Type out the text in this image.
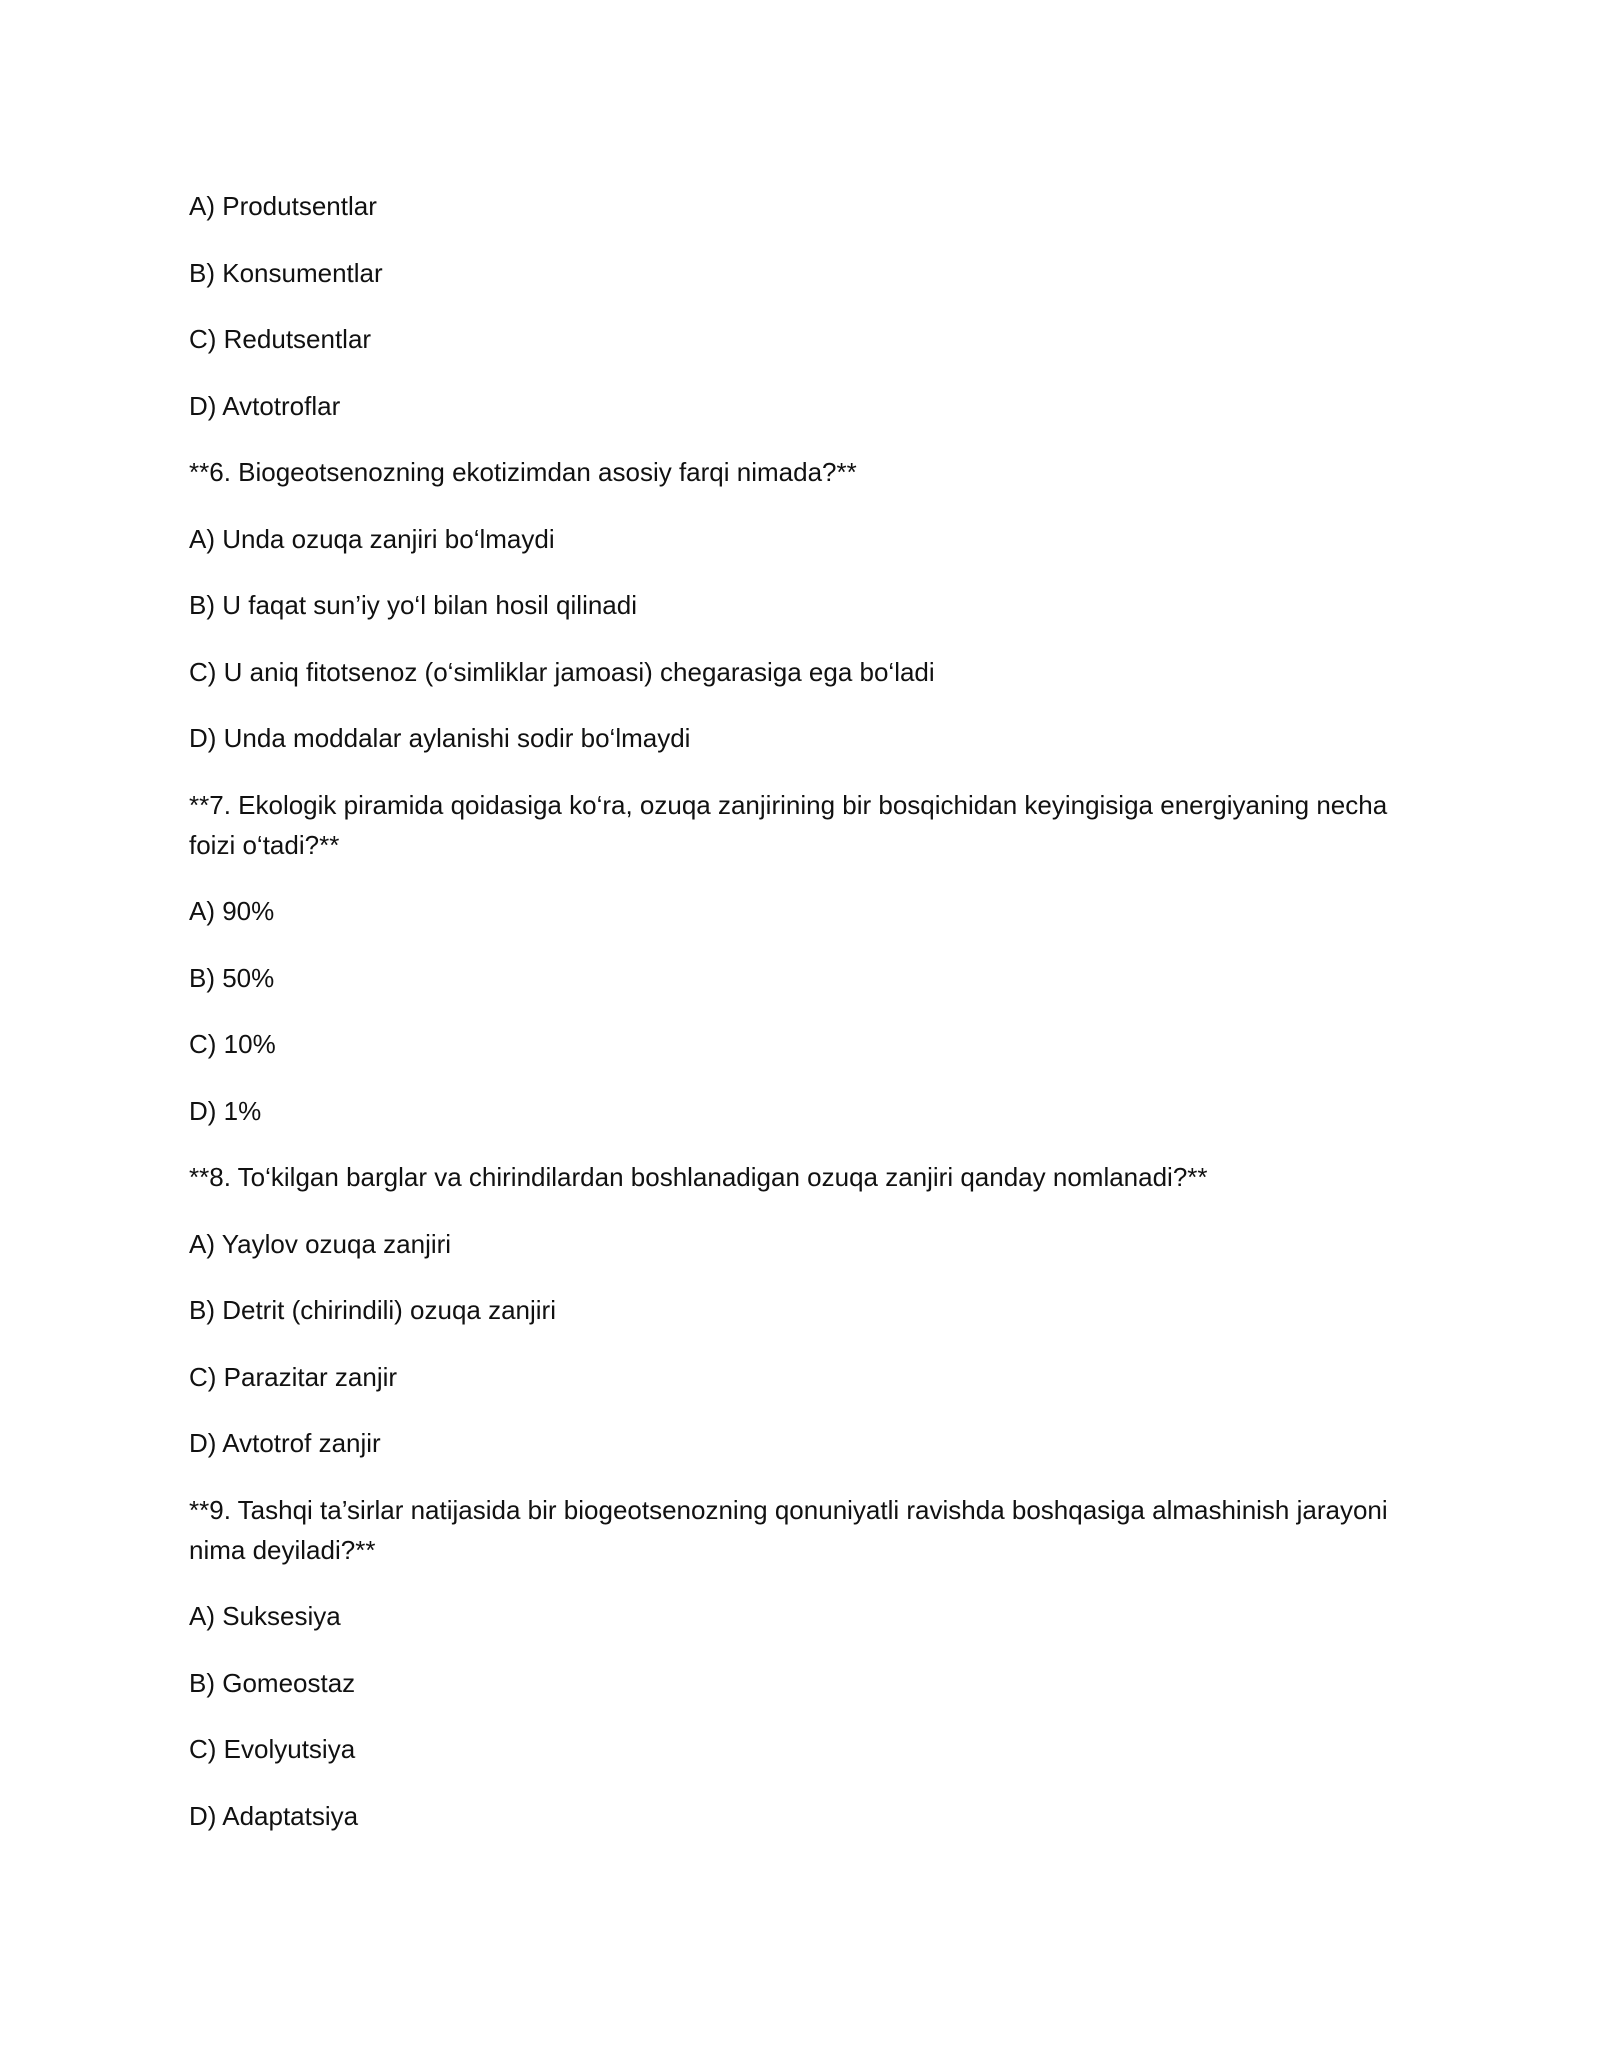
A) Produtsentlar

B) Konsumentlar

C) Redutsentlar

D) Avtotroflar

**6. Biogeotsenozning ekotizimdan asosiy farqi nimada?**

A) Unda ozuqa zanjiri bo‘lmaydi

B) U faqat sun’iy yo‘l bilan hosil qilinadi

C) U aniq fitotsenoz (o‘simliklar jamoasi) chegarasiga ega bo‘ladi

D) Unda moddalar aylanishi sodir bo‘lmaydi

**7. Ekologik piramida qoidasiga ko‘ra, ozuqa zanjirining bir bosqichidan keyingisiga energiyaning necha foizi o‘tadi?**

A) 90%

B) 50%

C) 10%

D) 1%

**8. To‘kilgan barglar va chirindilardan boshlanadigan ozuqa zanjiri qanday nomlanadi?**

A) Yaylov ozuqa zanjiri

B) Detrit (chirindili) ozuqa zanjiri

C) Parazitar zanjir

D) Avtotrof zanjir

**9. Tashqi ta’sirlar natijasida bir biogeotsenozning qonuniyatli ravishda boshqasiga almashinish jarayoni nima deyiladi?**

A) Suksesiya

B) Gomeostaz

C) Evolyutsiya

D) Adaptatsiya
